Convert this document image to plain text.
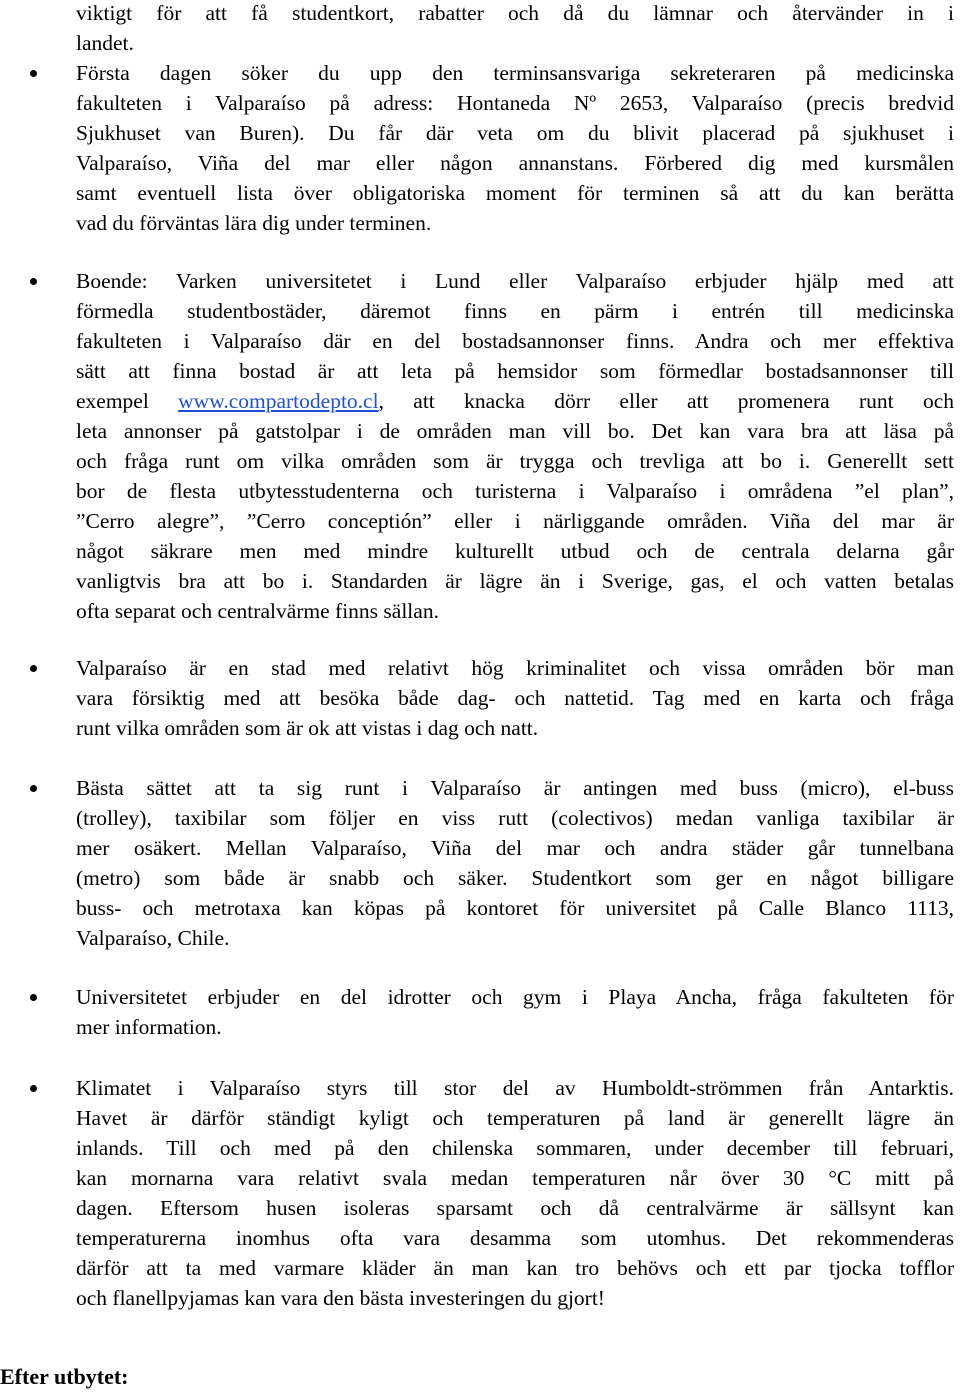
viktigt för att få studentkort, rabatter och då du lämnar och återvänder in i
landet.
Första dagen söker du upp den terminsansvariga sekreteraren på medicinska
fakulteten i Valparaíso på adress: Hontaneda Nº 2653, Valparaíso (precis bredvid
Sjukhuset van Buren). Du får där veta om du blivit placerad på sjukhuset i
Valparaíso, Viña del mar eller någon annanstans. Förbered dig med kursmålen
samt eventuell lista över obligatoriska moment för terminen så att du kan berätta
vad du förväntas lära dig under terminen.
Boende: Varken universitetet i Lund eller Valparaíso erbjuder hjälp med att
förmedla studentbostäder, däremot finns en pärm i entrén till medicinska
fakulteten i Valparaíso där en del bostadsannonser finns. Andra och mer effektiva
sätt att finna bostad är att leta på hemsidor som förmedlar bostadsannonser till
exempel www.compartodepto.cl, att knacka dörr eller att promenera runt och
leta annonser på gatstolpar i de områden man vill bo. Det kan vara bra att läsa på
och fråga runt om vilka områden som är trygga och trevliga att bo i. Generellt sett
bor de flesta utbytesstudenterna och turisterna i Valparaíso i områdena ”el plan”,
”Cerro alegre”, ”Cerro conceptión” eller i närliggande områden. Viña del mar är
något säkrare men med mindre kulturellt utbud och de centrala delarna går
vanligtvis bra att bo i. Standarden är lägre än i Sverige, gas, el och vatten betalas
ofta separat och centralvärme finns sällan.
Valparaíso är en stad med relativt hög kriminalitet och vissa områden bör man
vara försiktig med att besöka både dag- och nattetid. Tag med en karta och fråga
runt vilka områden som är ok att vistas i dag och natt.
Bästa sättet att ta sig runt i Valparaíso är antingen med buss (micro), el-buss
(trolley), taxibilar som följer en viss rutt (colectivos) medan vanliga taxibilar är
mer osäkert. Mellan Valparaíso, Viña del mar och andra städer går tunnelbana
(metro) som både är snabb och säker. Studentkort som ger en något billigare
buss- och metrotaxa kan köpas på kontoret för universitet på Calle Blanco 1113,
Valparaíso, Chile.
Universitetet erbjuder en del idrotter och gym i Playa Ancha, fråga fakulteten för
mer information.
Klimatet i Valparaíso styrs till stor del av Humboldt-strömmen från Antarktis.
Havet är därför ständigt kyligt och temperaturen på land är generellt lägre än
inlands. Till och med på den chilenska sommaren, under december till februari,
kan mornarna vara relativt svala medan temperaturen når över 30 °C mitt på
dagen. Eftersom husen isoleras sparsamt och då centralvärme är sällsynt kan
temperaturerna inomhus ofta vara desamma som utomhus. Det rekommenderas
därför att ta med varmare kläder än man kan tro behövs och ett par tjocka tofflor
och flanellpyjamas kan vara den bästa investeringen du gjort!
Efter utbytet:
